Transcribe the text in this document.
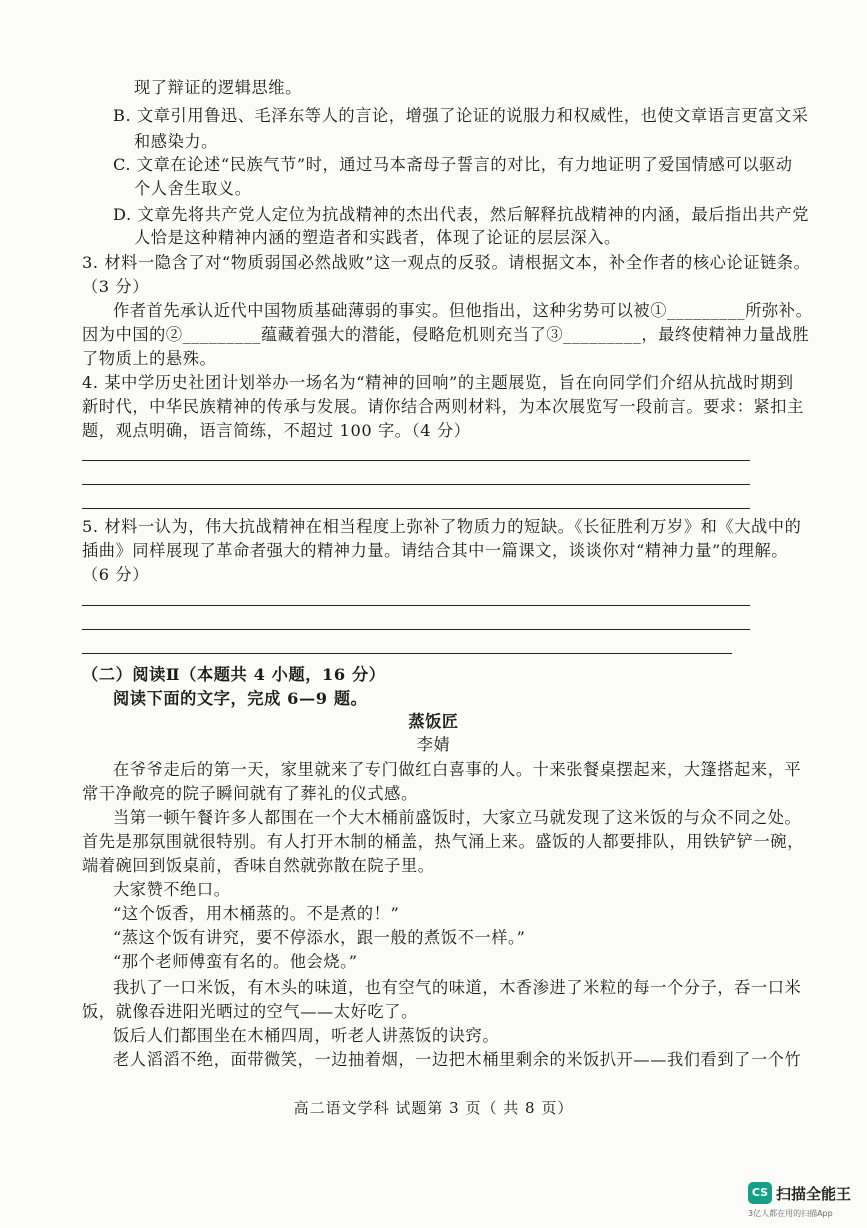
现了辩证的逻辑思维。
B. 文章引用鲁迅、毛泽东等人的言论，增强了论证的说服力和权威性，也使文章语言更富文采
和感染力。
C. 文章在论述“民族气节”时，通过马本斋母子誓言的对比，有力地证明了爱国情感可以驱动
个人舍生取义。
D. 文章先将共产党人定位为抗战精神的杰出代表，然后解释抗战精神的内涵，最后指出共产党
人恰是这种精神内涵的塑造者和实践者，体现了论证的层层深入。
3. 材料一隐含了对“物质弱国必然战败”这一观点的反驳。请根据文本，补全作者的核心论证链条。
（3 分）
作者首先承认近代中国物质基础薄弱的事实。但他指出，这种劣势可以被①_________所弥补。
因为中国的②_________蕴藏着强大的潜能，侵略危机则充当了③_________，最终使精神力量战胜
了物质上的悬殊。
4. 某中学历史社团计划举办一场名为“精神的回响”的主题展览，旨在向同学们介绍从抗战时期到
新时代，中华民族精神的传承与发展。请你结合两则材料，为本次展览写一段前言。要求：紧扣主
题，观点明确，语言简练，不超过 100 字。（4 分）
5. 材料一认为，伟大抗战精神在相当程度上弥补了物质力的短缺。《长征胜利万岁》和《大战中的
插曲》同样展现了革命者强大的精神力量。请结合其中一篇课文，谈谈你对“精神力量”的理解。
（6 分）
（二）阅读Ⅱ（本题共 4 小题，16 分）
阅读下面的文字，完成 6—9 题。
蒸饭匠
李婧
在爷爷走后的第一天，家里就来了专门做红白喜事的人。十来张餐桌摆起来，大篷搭起来，平
常干净敞亮的院子瞬间就有了葬礼的仪式感。
当第一顿午餐许多人都围在一个大木桶前盛饭时，大家立马就发现了这米饭的与众不同之处。
首先是那氛围就很特别。有人打开木制的桶盖，热气涌上来。盛饭的人都要排队，用铁铲铲一碗，
端着碗回到饭桌前，香味自然就弥散在院子里。
大家赞不绝口。
“这个饭香，用木桶蒸的。不是煮的！”
“蒸这个饭有讲究，要不停添水，跟一般的煮饭不一样。”
“那个老师傅蛮有名的。他会烧。”
我扒了一口米饭，有木头的味道，也有空气的味道，木香渗进了米粒的每一个分子，吞一口米
饭，就像吞进阳光晒过的空气——太好吃了。
饭后人们都围坐在木桶四周，听老人讲蒸饭的诀窍。
老人滔滔不绝，面带微笑，一边抽着烟，一边把木桶里剩余的米饭扒开——我们看到了一个竹
高二语文学科 试题第 3 页（ 共 8 页）
CS 扫描全能王
3亿人都在用的扫描App
